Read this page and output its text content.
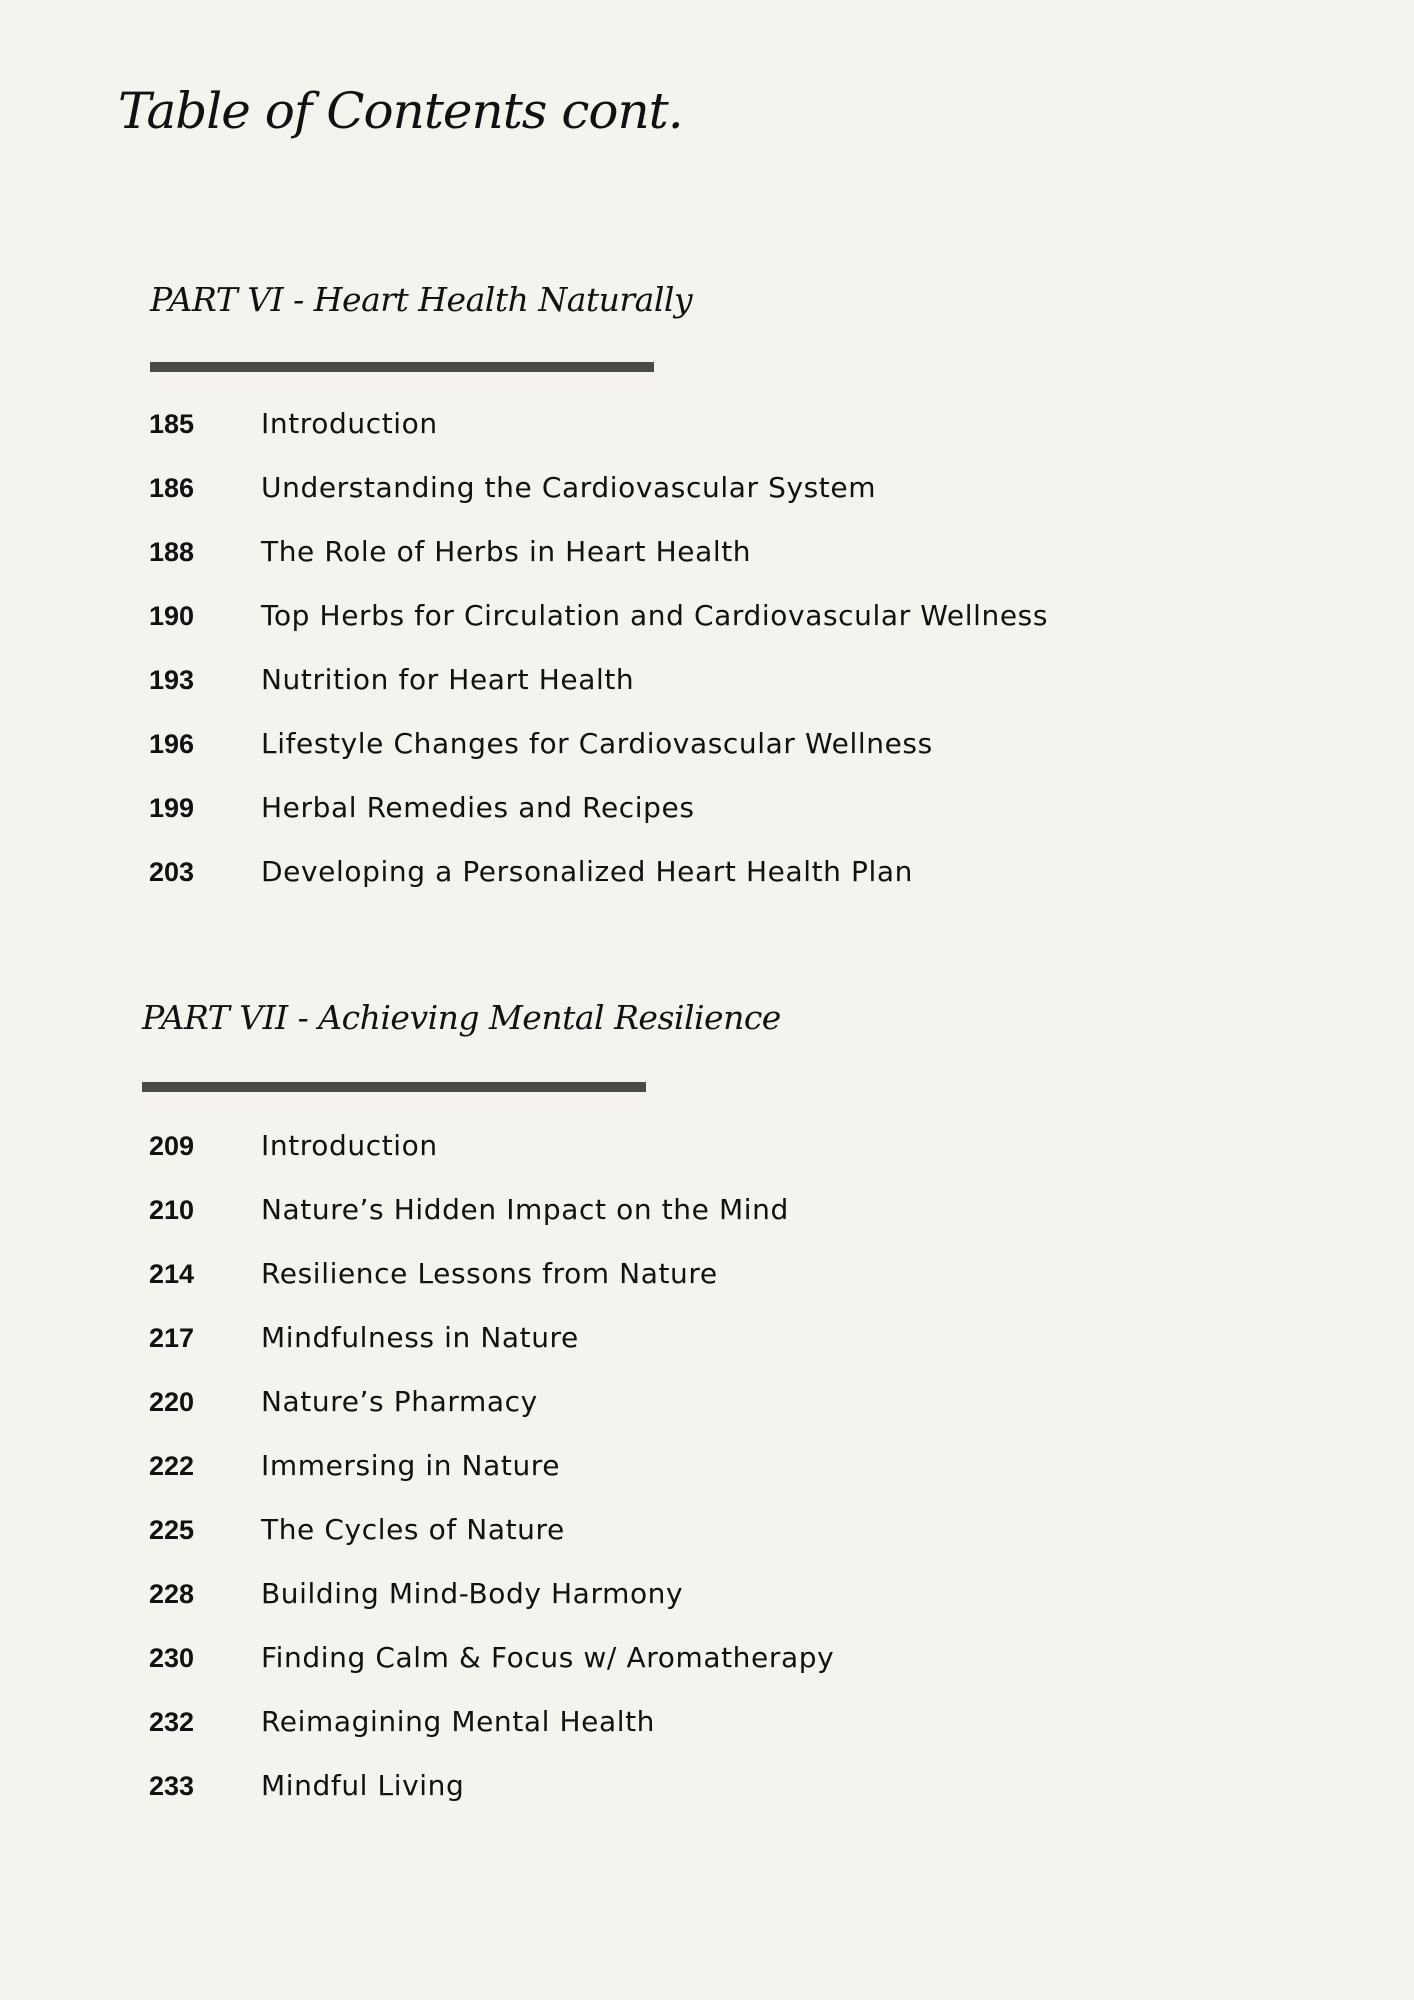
Table of Contents cont.
PART VI - Heart Health Naturally
185 Introduction
186 Understanding the Cardiovascular System
188 The Role of Herbs in Heart Health
190 Top Herbs for Circulation and Cardiovascular Wellness
193 Nutrition for Heart Health
196 Lifestyle Changes for Cardiovascular Wellness
199 Herbal Remedies and Recipes
203 Developing a Personalized Heart Health Plan
PART VII - Achieving Mental Resilience
209 Introduction
210 Nature’s Hidden Impact on the Mind
214 Resilience Lessons from Nature
217 Mindfulness in Nature
220 Nature’s Pharmacy
222 Immersing in Nature
225 The Cycles of Nature
228 Building Mind-Body Harmony
230 Finding Calm & Focus w/ Aromatherapy
232 Reimagining Mental Health
233 Mindful Living
